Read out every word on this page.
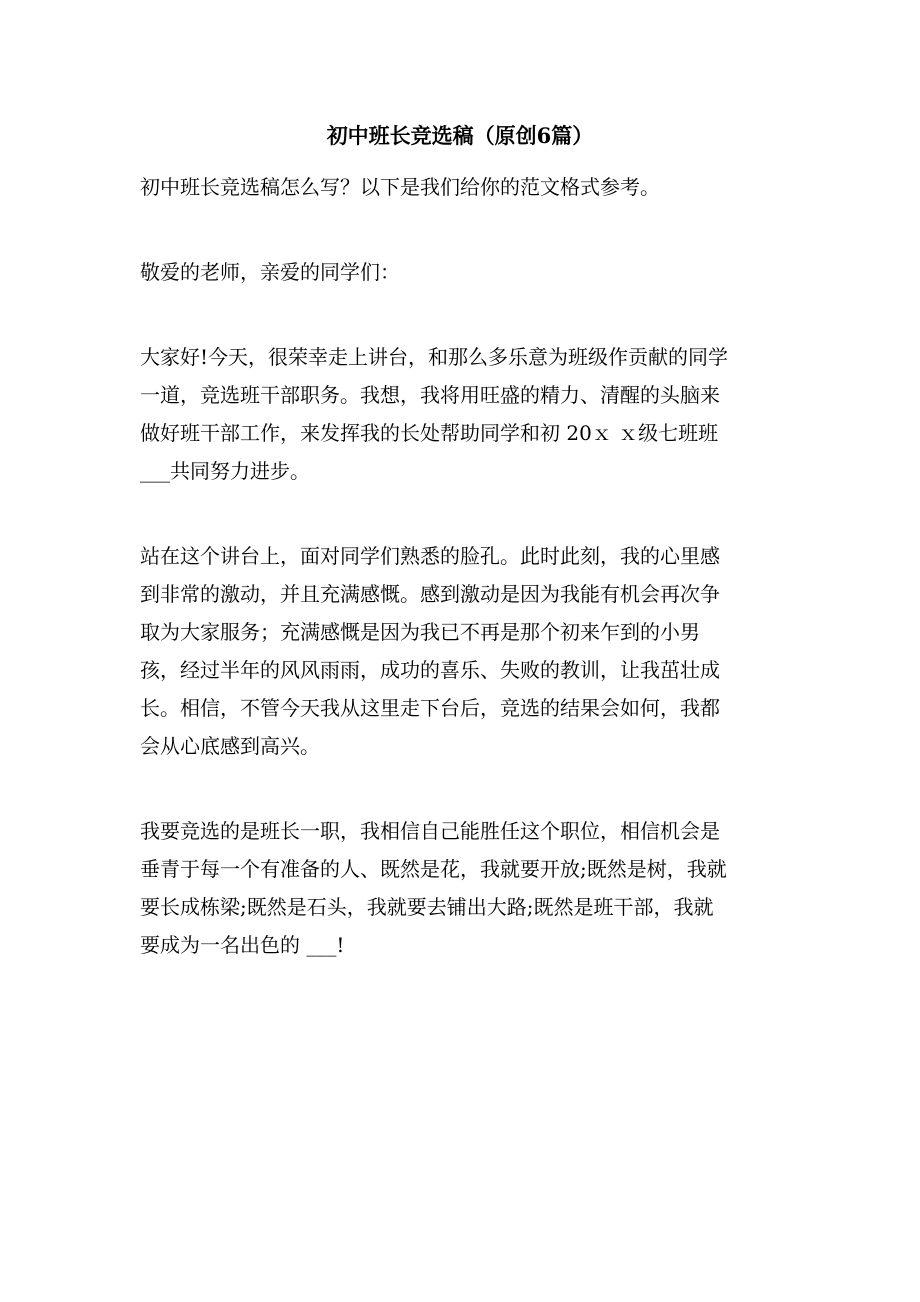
初中班长竞选稿（原创6篇）

初中班长竞选稿怎么写？以下是我们给你的范文格式参考。

敬爱的老师，亲爱的同学们：

大家好!今天，很荣幸走上讲台，和那么多乐意为班级作贡献的同学
一道，竞选班干部职务。我想，我将用旺盛的精力、清醒的头脑来
做好班干部工作，来发挥我的长处帮助同学和初 20ｘ ｘ级七班班
___共同努力进步。

站在这个讲台上，面对同学们熟悉的脸孔。此时此刻，我的心里感
到非常的激动，并且充满感慨。感到激动是因为我能有机会再次争
取为大家服务；充满感慨是因为我已不再是那个初来乍到的小男
孩，经过半年的风风雨雨，成功的喜乐、失败的教训，让我茁壮成
长。相信，不管今天我从这里走下台后，竞选的结果会如何，我都
会从心底感到高兴。

我要竞选的是班长一职，我相信自己能胜任这个职位，相信机会是
垂青于每一个有准备的人、既然是花，我就要开放;既然是树，我就
要长成栋梁;既然是石头，我就要去铺出大路;既然是班干部，我就
要成为一名出色的 ___!
